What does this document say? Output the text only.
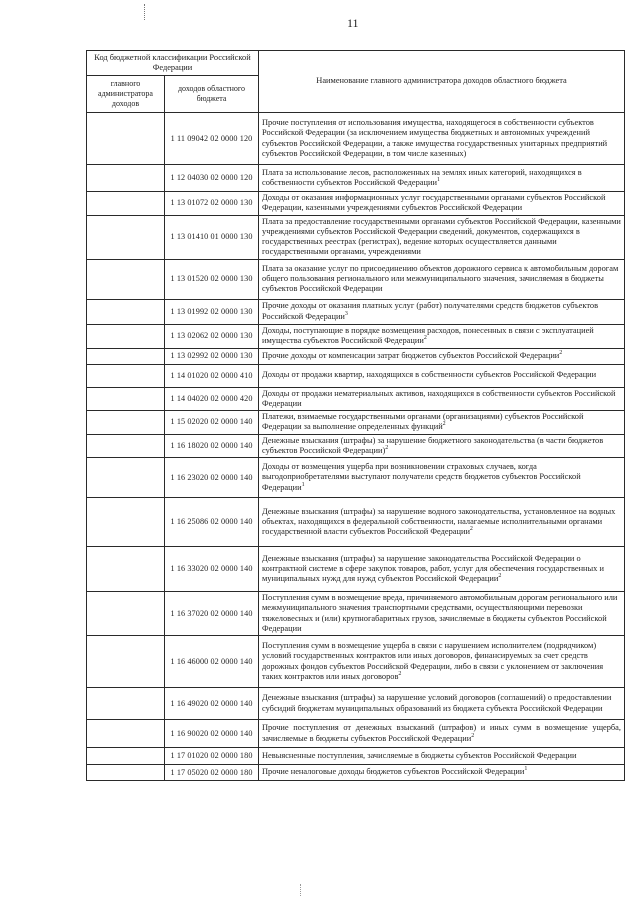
11
Код бюджетной классификации Российской Федерации		Наименование главного администратора доходов областного бюджета
главного администратора доходов	доходов областного бюджета	
	1 11 09042 02 0000 120	Прочие поступления от использования имущества, находящегося в собственности субъектов Российской Федерации (за исключением имущества бюджетных и автономных учреждений субъектов Российской Федерации, а также имущества государственных унитарных предприятий субъектов Российской Федерации, в том числе казенных)
	1 12 04030 02 0000 120	Плата за использование лесов, расположенных на землях иных категорий, находящихся в собственности субъектов Российской Федерации$^1$
	1 13 01072 02 0000 130	Доходы от оказания информационных услуг государственными органами субъектов Российской Федерации, казенными учреждениями субъектов Российской Федерации
	1 13 01410 01 0000 130	Плата за предоставление государственными органами субъектов Российской Федерации, казенными учреждениями субъектов Российской Федерации сведений, документов, содержащихся в государственных реестрах (регистрах), ведение которых осуществляется данными государственными органами, учреждениями
	1 13 01520 02 0000 130	Плата за оказание услуг по присоединению объектов дорожного сервиса к автомобильным дорогам общего пользования регионального или межмуниципального значения, зачисляемая в бюджеты субъектов Российской Федерации
	1 13 01992 02 0000 130	Прочие доходы от оказания платных услуг (работ) получателями средств бюджетов субъектов Российской Федерации$^3$
	1 13 02062 02 0000 130	Доходы, поступающие в порядке возмещения расходов, понесенных в связи с эксплуатацией имущества субъектов Российской Федерации$^2$
	1 13 02992 02 0000 130	Прочие доходы от компенсации затрат бюджетов субъектов Российской Федерации$^2$
	1 14 01020 02 0000 410	Доходы от продажи квартир, находящихся в собственности субъектов Российской Федерации
	1 14 04020 02 0000 420	Доходы от продажи нематериальных активов, находящихся в собственности субъектов Российской Федерации
	1 15 02020 02 0000 140	Платежи, взимаемые государственными органами (организациями) субъектов Российской Федерации за выполнение определенных функций$^2$
	1 16 18020 02 0000 140	Денежные взыскания (штрафы) за нарушение бюджетного законодательства (в части бюджетов субъектов Российской Федерации)$^2$
	1 16 23020 02 0000 140	Доходы от возмещения ущерба при возникновении страховых случаев, когда выгодоприобретателями выступают получатели средств бюджетов субъектов Российской Федерации$^1$
	1 16 25086 02 0000 140	Денежные взыскания (штрафы) за нарушение водного законодательства, установленное на водных объектах, находящихся в федеральной собственности, налагаемые исполнительными органами государственной власти субъектов Российской Федерации$^2$
	1 16 33020 02 0000 140	Денежные взыскания (штрафы) за нарушение законодательства Российской Федерации о контрактной системе в сфере закупок товаров, работ, услуг для обеспечения государственных и муниципальных нужд для нужд субъектов Российской Федерации$^2$
	1 16 37020 02 0000 140	Поступления сумм в возмещение вреда, причиняемого автомобильным дорогам регионального или межмуниципального значения транспортными средствами, осуществляющими перевозки тяжеловесных и (или) крупногабаритных грузов, зачисляемые в бюджеты субъектов Российской Федерации
	1 16 46000 02 0000 140	Поступления сумм в возмещение ущерба в связи с нарушением исполнителем (подрядчиком) условий государственных контрактов или иных договоров, финансируемых за счет средств дорожных фондов субъектов Российской Федерации, либо в связи с уклонением от заключения таких контрактов или иных договоров$^2$
	1 16 49020 02 0000 140	Денежные взыскания (штрафы) за нарушение условий договоров (соглашений) о предоставлении субсидий бюджетам муниципальных образований из бюджета субъекта Российской Федерации
	1 16 90020 02 0000 140	Прочие поступления от денежных взысканий (штрафов) и иных сумм в возмещение ущерба, зачисляемые в бюджеты субъектов Российской Федерации$^2$
	1 17 01020 02 0000 180	Невыясненные поступления, зачисляемые в бюджеты субъектов Российской Федерации
	1 17 05020 02 0000 180	Прочие неналоговые доходы бюджетов субъектов Российской Федерации$^1$
